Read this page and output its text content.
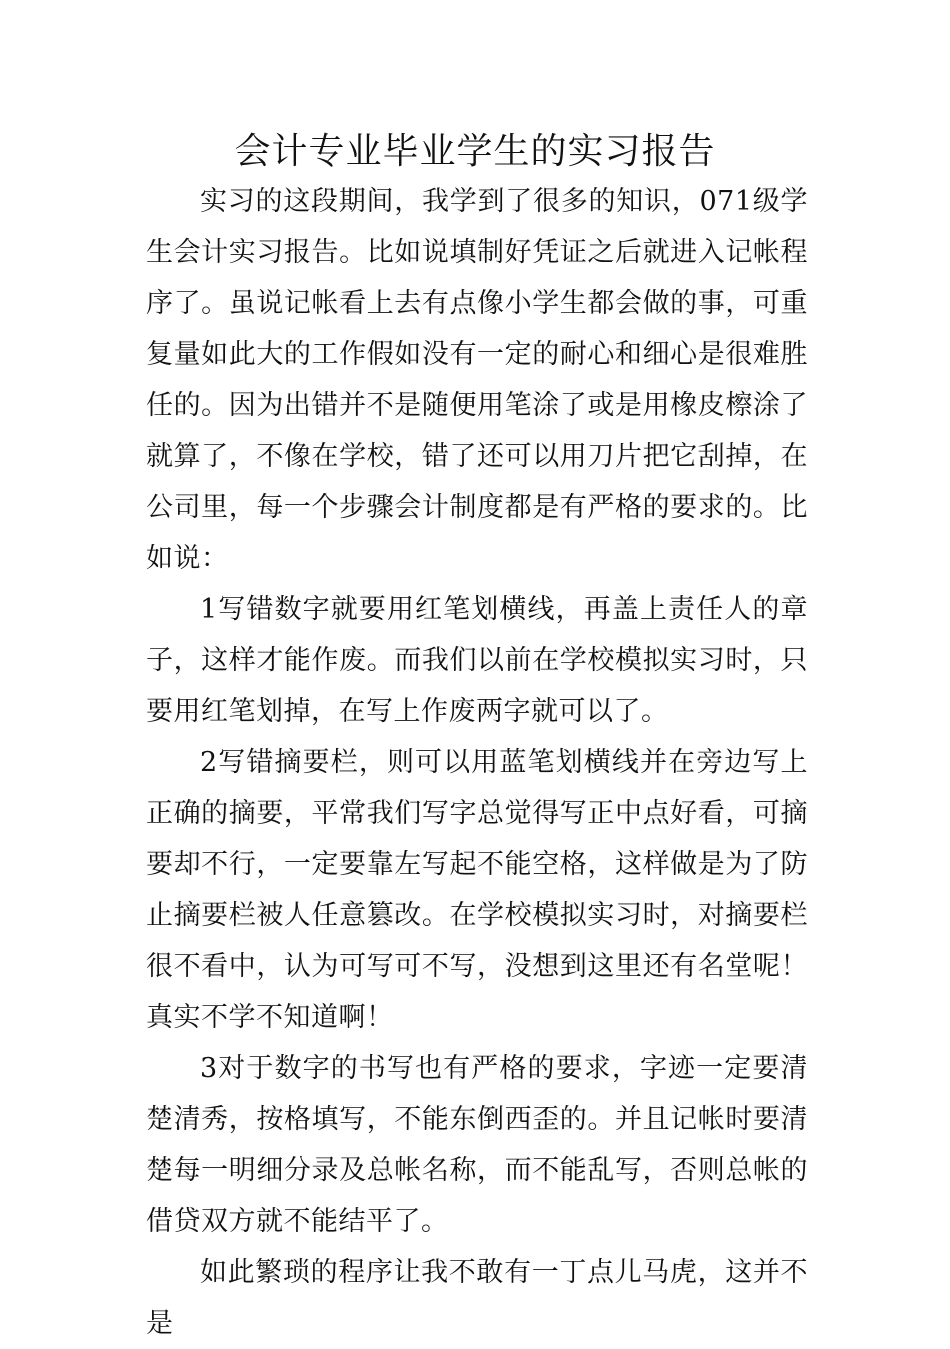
会计专业毕业学生的实习报告

实习的这段期间，我学到了很多的知识，071级学生会计实习报告。比如说填制好凭证之后就进入记帐程序了。虽说记帐看上去有点像小学生都会做的事，可重复量如此大的工作假如没有一定的耐心和细心是很难胜任的。因为出错并不是随便用笔涂了或是用橡皮檫涂了就算了，不像在学校，错了还可以用刀片把它刮掉，在公司里，每一个步骤会计制度都是有严格的要求的。比如说：

1写错数字就要用红笔划横线，再盖上责任人的章子，这样才能作废。而我们以前在学校模拟实习时，只要用红笔划掉，在写上作废两字就可以了。

2写错摘要栏，则可以用蓝笔划横线并在旁边写上正确的摘要，平常我们写字总觉得写正中点好看，可摘要却不行，一定要靠左写起不能空格，这样做是为了防止摘要栏被人任意篡改。在学校模拟实习时，对摘要栏很不看中，认为可写可不写，没想到这里还有名堂呢！真实不学不知道啊！

3对于数字的书写也有严格的要求，字迹一定要清楚清秀，按格填写，不能东倒西歪的。并且记帐时要清楚每一明细分录及总帐名称，而不能乱写，否则总帐的借贷双方就不能结平了。

如此繁琐的程序让我不敢有一丁点儿马虎，这并不是
